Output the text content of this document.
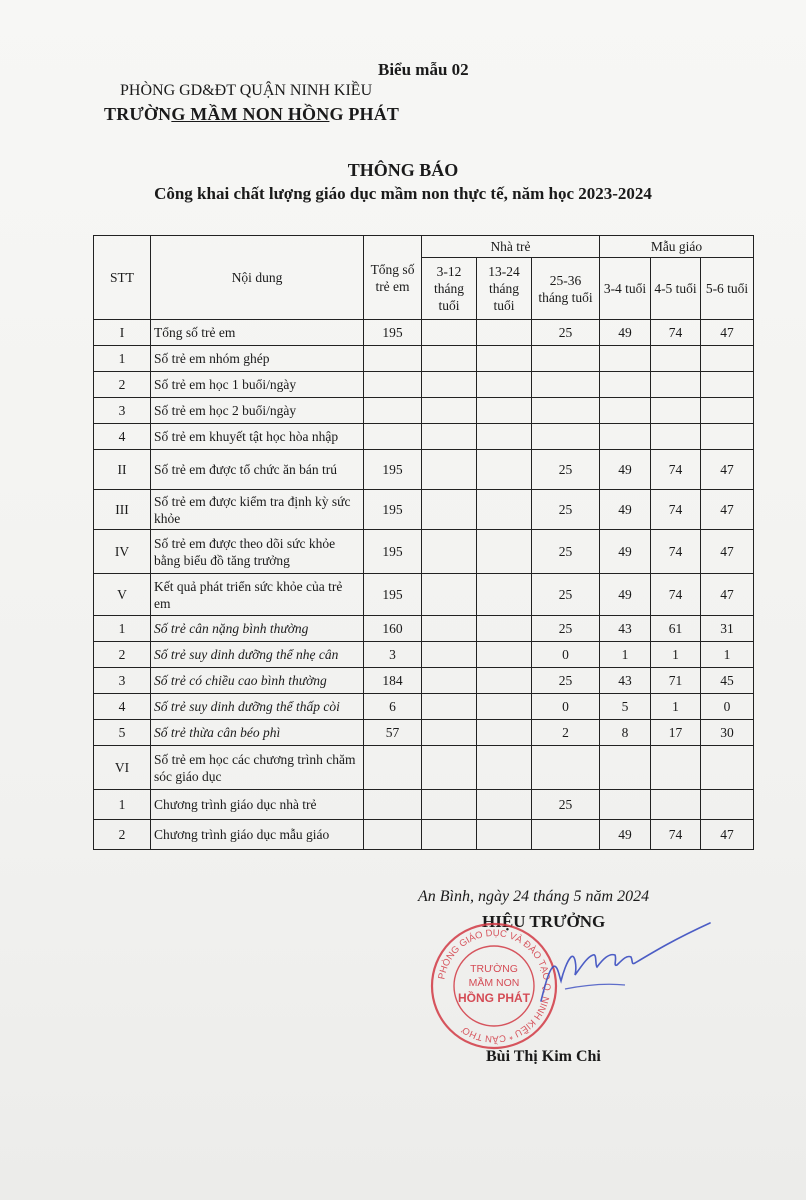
Biểu mẫu 02
PHÒNG GD&ĐT QUẬN NINH KIỀU
TRƯỜNG MẦM NON HỒNG PHÁT
THÔNG BÁO
Công khai chất lượng giáo dục mầm non thực tế, năm học 2023-2024
STT	Nội dung	Tổng số trẻ em	Nhà trẻ			Mẫu giáo		
			3-12 tháng tuổi	13-24 tháng tuổi	25-36 tháng tuổi	3-4 tuổi	4-5 tuổi	5-6 tuổi
I	Tổng số trẻ em	195			25	49	74	47
1	Số trẻ em nhóm ghép							
2	Số trẻ em học 1 buổi/ngày							
3	Số trẻ em học 2 buổi/ngày							
4	Số trẻ em khuyết tật học hòa nhập							
II	Số trẻ em được tổ chức ăn bán trú	195			25	49	74	47
III	Số trẻ em được kiểm tra định kỳ sức khỏe	195			25	49	74	47
IV	Số trẻ em được theo dõi sức khỏe bằng biểu đồ tăng trưởng	195			25	49	74	47
V	Kết quả phát triển sức khỏe của trẻ em	195			25	49	74	47
1	Số trẻ cân nặng bình thường	160			25	43	61	31
2	Số trẻ suy dinh dưỡng thể nhẹ cân	3			0	1	1	1
3	Số trẻ có chiều cao bình thường	184			25	43	71	45
4	Số trẻ suy dinh dưỡng thể thấp còi	6			0	5	1	0
5	Số trẻ thừa cân béo phì	57			2	8	17	30
VI	Số trẻ em học các chương trình chăm sóc giáo dục							
1	Chương trình giáo dục nhà trẻ				25			
2	Chương trình giáo dục mẫu giáo					49	74	47
An Bình, ngày 24 tháng 5 năm 2024
HIỆU TRƯỞNG
PHÒNG GIÁO DỤC VÀ ĐÀO TẠO Q. NINH KIỀU * CẦN THƠ
TRƯỜNG
MẦM NON
HỒNG PHÁT
Bùi Thị Kim Chi
